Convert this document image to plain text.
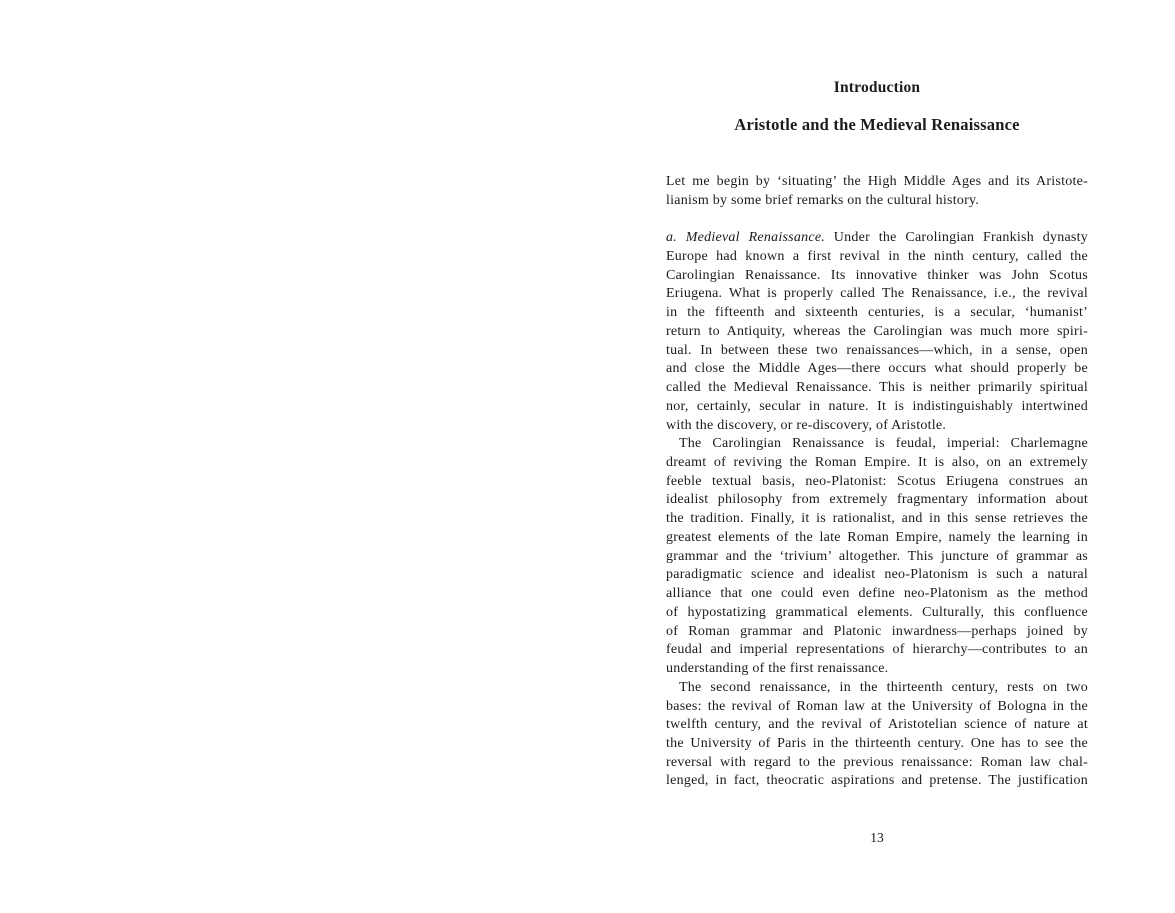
Introduction
Aristotle and the Medieval Renaissance
Let me begin by ‘situating’ the High Middle Ages and its Aristote-
lianism by some brief remarks on the cultural history.
a. Medieval Renaissance. Under the Carolingian Frankish dynasty
Europe had known a first revival in the ninth century, called the
Carolingian Renaissance. Its innovative thinker was John Scotus
Eriugena. What is properly called The Renaissance, i.e., the revival
in the fifteenth and sixteenth centuries, is a secular, ‘humanist’
return to Antiquity, whereas the Carolingian was much more spiri-
tual. In between these two renaissances—which, in a sense, open
and close the Middle Ages—there occurs what should properly be
called the Medieval Renaissance. This is neither primarily spiritual
nor, certainly, secular in nature. It is indistinguishably intertwined
with the discovery, or re-discovery, of Aristotle.
The Carolingian Renaissance is feudal, imperial: Charlemagne
dreamt of reviving the Roman Empire. It is also, on an extremely
feeble textual basis, neo-Platonist: Scotus Eriugena construes an
idealist philosophy from extremely fragmentary information about
the tradition. Finally, it is rationalist, and in this sense retrieves the
greatest elements of the late Roman Empire, namely the learning in
grammar and the ‘trivium’ altogether. This juncture of grammar as
paradigmatic science and idealist neo-Platonism is such a natural
alliance that one could even define neo-Platonism as the method
of hypostatizing grammatical elements. Culturally, this confluence
of Roman grammar and Platonic inwardness—perhaps joined by
feudal and imperial representations of hierarchy—contributes to an
understanding of the first renaissance.
The second renaissance, in the thirteenth century, rests on two
bases: the revival of Roman law at the University of Bologna in the
twelfth century, and the revival of Aristotelian science of nature at
the University of Paris in the thirteenth century. One has to see the
reversal with regard to the previous renaissance: Roman law chal-
lenged, in fact, theocratic aspirations and pretense. The justification
13
